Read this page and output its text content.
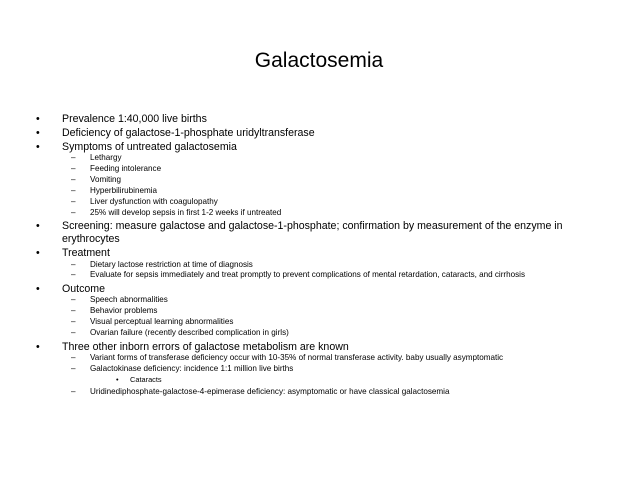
Galactosemia
• Prevalence 1:40,000 live births
• Deficiency of galactose-1-phosphate uridyltransferase
• Symptoms of untreated galactosemia
– Lethargy
– Feeding intolerance
– Vomiting
– Hyperbilirubinemia
– Liver dysfunction with coagulopathy
– 25% will develop sepsis in first 1-2 weeks if untreated
• Screening: measure galactose and galactose-1-phosphate; confirmation by measurement of the enzyme in erythrocytes
• Treatment
– Dietary lactose restriction at time of diagnosis
– Evaluate for sepsis immediately and treat promptly to prevent complications of mental retardation, cataracts, and cirrhosis
• Outcome
– Speech abnormalities
– Behavior problems
– Visual perceptual learning abnormalities
– Ovarian failure (recently described complication in girls)
• Three other inborn errors of galactose metabolism are known
– Variant forms of transferase deficiency occur with 10-35% of normal transferase activity. baby usually asymptomatic
– Galactokinase deficiency: incidence 1:1 million live births
• Cataracts
– Uridinediphosphate-galactose-4-epimerase deficiency: asymptomatic or have classical galactosemia
